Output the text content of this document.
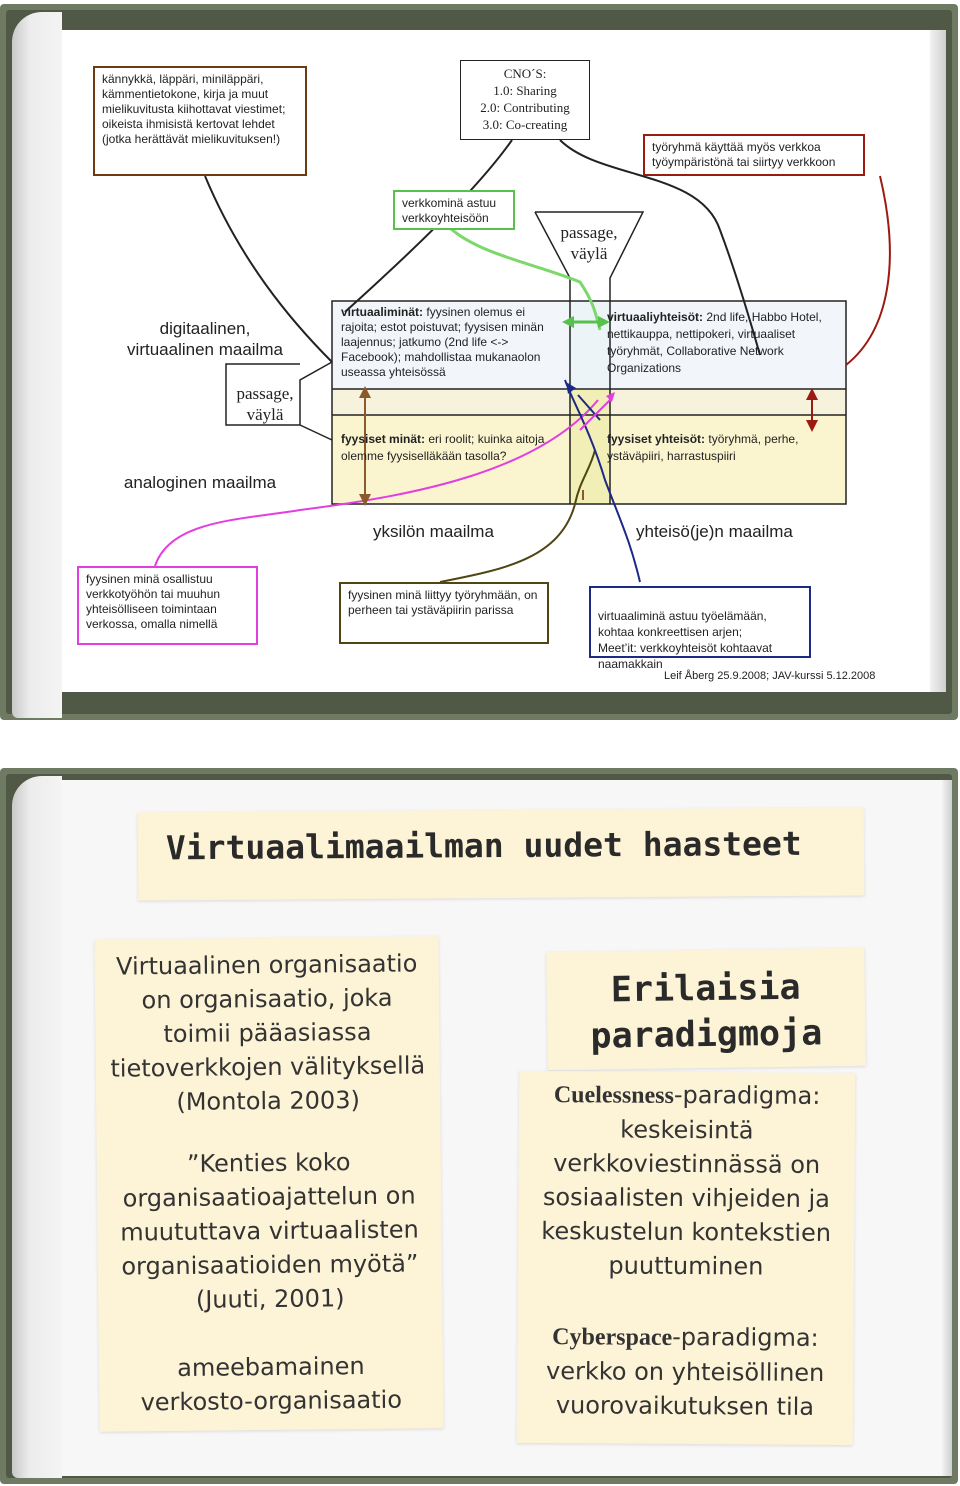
kännykkä, läppäri, miniläppäri, kämmentietokone, kirja ja muut mielikuvitusta kiihottavat viestimet; oikeista ihmisistä kertovat lehdet (jotka herättävät mielikuvituksen!)
CNO´S:
1.0: Sharing
2.0: Contributing
3.0: Co-creating
työryhmä käyttää myös verkkoa työympäristönä tai siirtyy verkkoon
verkkominä astuu verkkoyhteisöön
passage,
väylä
digitaalinen,
virtuaalinen maailma
passage,
väylä
analoginen maailma
virtuaaliminät: fyysinen olemus ei rajoita; estot poistuvat; fyysisen minän laajennus; jatkumo (2nd life <-> Facebook); mahdollistaa mukanaolon useassa yhteisössä
virtuaaliyhteisöt: 2nd life, Habbo Hotel, nettikauppa, nettipokeri, virtuaaliset työryhmät, Collaborative Network Organizations
fyysiset minät: eri roolit; kuinka aitoja olemme fyysiselläkään tasolla?
fyysiset yhteisöt: työryhmä, perhe, ystäväpiiri, harrastuspiiri
yksilön maailma	yhteisö(je)n maailma
fyysinen minä osallistuu verkkotyöhön tai muuhun yhteisölliseen toimintaan verkossa, omalla nimellä
fyysinen minä liittyy työryhmään, on perheen tai ystäväpiirin parissa	virtuaaliminä astuu työelämään, kohtaa konkreettisen arjen;
Meet’it: verkkoyhteisöt kohtaavat naamakkain

Leif Åberg 25.9.2008; JAV-kurssi 5.12.2008
Virtuaalimaailman uudet haasteet
Virtuaalinen organisaatio on organisaatio, joka toimii pääasiassa tietoverkkojen välityksellä (Montola 2003)
”Kenties koko organisaatioajattelun on muututtava virtuaalisten organisaatioiden myötä” (Juuti, 2001)
ameebamainen verkosto-organisaatio
Erilaisia paradigmoja
Cuelessness-paradigma: keskeisintä verkkoviestinnässä on sosiaalisten vihjeiden ja keskustelun kontekstien puuttuminen
Cyberspace-paradigma: verkko on yhteisöllinen vuorovaikutuksen tila
